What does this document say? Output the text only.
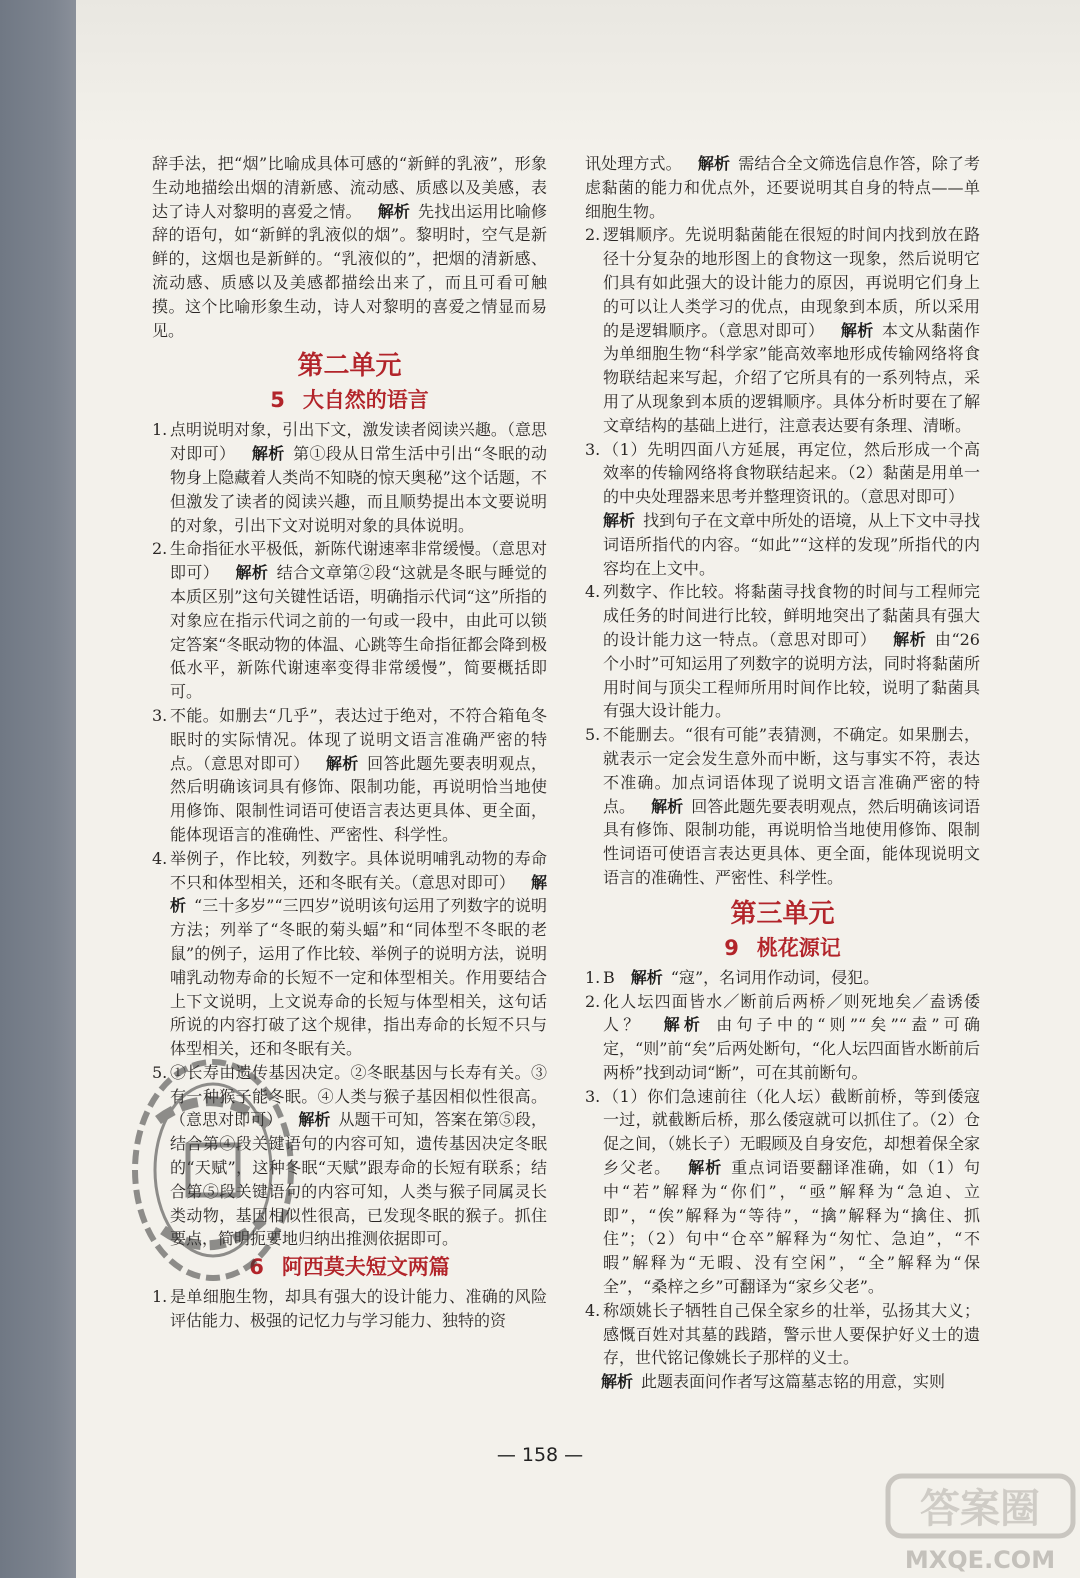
辞手法，把“烟”比喻成具体可感的“新鲜的乳液”，形象生动地描绘出烟的清新感、流动感、质感以及美感，表达了诗人对黎明的喜爱之情。  解析  先找出运用比喻修辞的语句，如“新鲜的乳液似的烟”。黎明时，空气是新鲜的，这烟也是新鲜的。“乳液似的”，把烟的清新感、流动感、质感以及美感都描绘出来了，而且可看可触摸。这个比喻形象生动，诗人对黎明的喜爱之情显而易见。
第二单元
5 大自然的语言
1. 点明说明对象，引出下文，激发读者阅读兴趣。（意思对即可）  解析  第①段从日常生活中引出“冬眠的动物身上隐藏着人类尚不知晓的惊天奥秘”这个话题，不但激发了读者的阅读兴趣，而且顺势提出本文要说明的对象，引出下文对说明对象的具体说明。
2. 生命指征水平极低，新陈代谢速率非常缓慢。（意思对即可）  解析  结合文章第②段“这就是冬眠与睡觉的本质区别”这句关键性话语，明确指示代词“这”所指的对象应在指示代词之前的一句或一段中，由此可以锁定答案“冬眠动物的体温、心跳等生命指征都会降到极低水平，新陈代谢速率变得非常缓慢”，简要概括即可。
3. 不能。如删去“几乎”，表达过于绝对，不符合箱龟冬眠时的实际情况。体现了说明文语言准确严密的特点。（意思对即可）  解析  回答此题先要表明观点，然后明确该词具有修饰、限制功能，再说明恰当地使用修饰、限制性词语可使语言表达更具体、更全面，能体现语言的准确性、严密性、科学性。
4. 举例子，作比较，列数字。具体说明哺乳动物的寿命不只和体型相关，还和冬眠有关。（意思对即可）  解析  “三十多岁”“三四岁”说明该句运用了列数字的说明方法；列举了“冬眠的菊头蝠”和“同体型不冬眠的老鼠”的例子，运用了作比较、举例子的说明方法，说明哺乳动物寿命的长短不一定和体型相关。作用要结合上下文说明，上文说寿命的长短与体型相关，这句话所说的内容打破了这个规律，指出寿命的长短不只与体型相关，还和冬眠有关。
5. ①长寿由遗传基因决定。②冬眠基因与长寿有关。③有一种猴子能冬眠。④人类与猴子基因相似性很高。（意思对即可）  解析  从题干可知，答案在第⑤段，结合第④段关键语句的内容可知，遗传基因决定冬眠的“天赋”，这种冬眠“天赋”跟寿命的长短有联系；结合第⑤段关键语句的内容可知，人类与猴子同属灵长类动物，基因相似性很高，已发现冬眠的猴子。抓住要点，简明扼要地归纳出推测依据即可。
6 阿西莫夫短文两篇
1. 是单细胞生物，却具有强大的设计能力、准确的风险评估能力、极强的记忆力与学习能力、独特的资
讯处理方式。  解析  需结合全文筛选信息作答，除了考虑黏菌的能力和优点外，还要说明其自身的特点——单细胞生物。
2. 逻辑顺序。先说明黏菌能在很短的时间内找到放在路径十分复杂的地形图上的食物这一现象，然后说明它们具有如此强大的设计能力的原因，再说明它们身上的可以让人类学习的优点，由现象到本质，所以采用的是逻辑顺序。（意思对即可）  解析  本文从黏菌作为单细胞生物“科学家”能高效率地形成传输网络将食物联结起来写起，介绍了它所具有的一系列特点，采用了从现象到本质的逻辑顺序。具体分析时要在了解文章结构的基础上进行，注意表达要有条理、清晰。
3. （1）先明四面八方延展，再定位，然后形成一个高效率的传输网络将食物联结起来。（2）黏菌是用单一的中央处理器来思考并整理资讯的。（意思对即可） 解析  找到句子在文章中所处的语境，从上下文中寻找词语所指代的内容。“如此”“这样的发现”所指代的内容均在上文中。
4. 列数字、作比较。将黏菌寻找食物的时间与工程师完成任务的时间进行比较，鲜明地突出了黏菌具有强大的设计能力这一特点。（意思对即可）  解析  由“26个小时”可知运用了列数字的说明方法，同时将黏菌所用时间与顶尖工程师所用时间作比较，说明了黏菌具有强大设计能力。
5. 不能删去。“很有可能”表猜测，不确定。如果删去，就表示一定会发生意外而中断，这与事实不符，表达不准确。加点词语体现了说明文语言准确严密的特点。  解析  回答此题先要表明观点，然后明确该词语具有修饰、限制功能，再说明恰当地使用修饰、限制性词语可使语言表达更具体、更全面，能体现说明文语言的准确性、严密性、科学性。
第三单元
9 桃花源记
1. B  解析  “寇”，名词用作动词，侵犯。
2. 化人坛四面皆水／断前后两桥／则死地矣／盍诱倭人？  解析  由句子中的“则”“矣”“盍”可确定，“则”前“矣”后两处断句，“化人坛四面皆水断前后两桥”找到动词“断”，可在其前断句。
3. （1）你们急速前往（化人坛）截断前桥，等到倭寇一过，就截断后桥，那么倭寇就可以抓住了。（2）仓促之间，（姚长子）无暇顾及自身安危，却想着保全家乡父老。  解析  重点词语要翻译准确，如（1）句中“若”解释为“你们”，“亟”解释为“急迫、立即”，“俟”解释为“等待”，“擒”解释为“擒住、抓住”；（2）句中“仓卒”解释为“匆忙、急迫”，“不暇”解释为“无暇、没有空闲”，“全”解释为“保全”，“桑梓之乡”可翻译为“家乡父老”。
4. 称颂姚长子牺牲自己保全家乡的壮举，弘扬其大义；感慨百姓对其墓的践踏，警示世人要保护好义士的遗存，世代铭记像姚长子那样的义士。
 解析  此题表面问作者写这篇墓志铭的用意，实则
— 158 —
答案圈
MXQE.COM
